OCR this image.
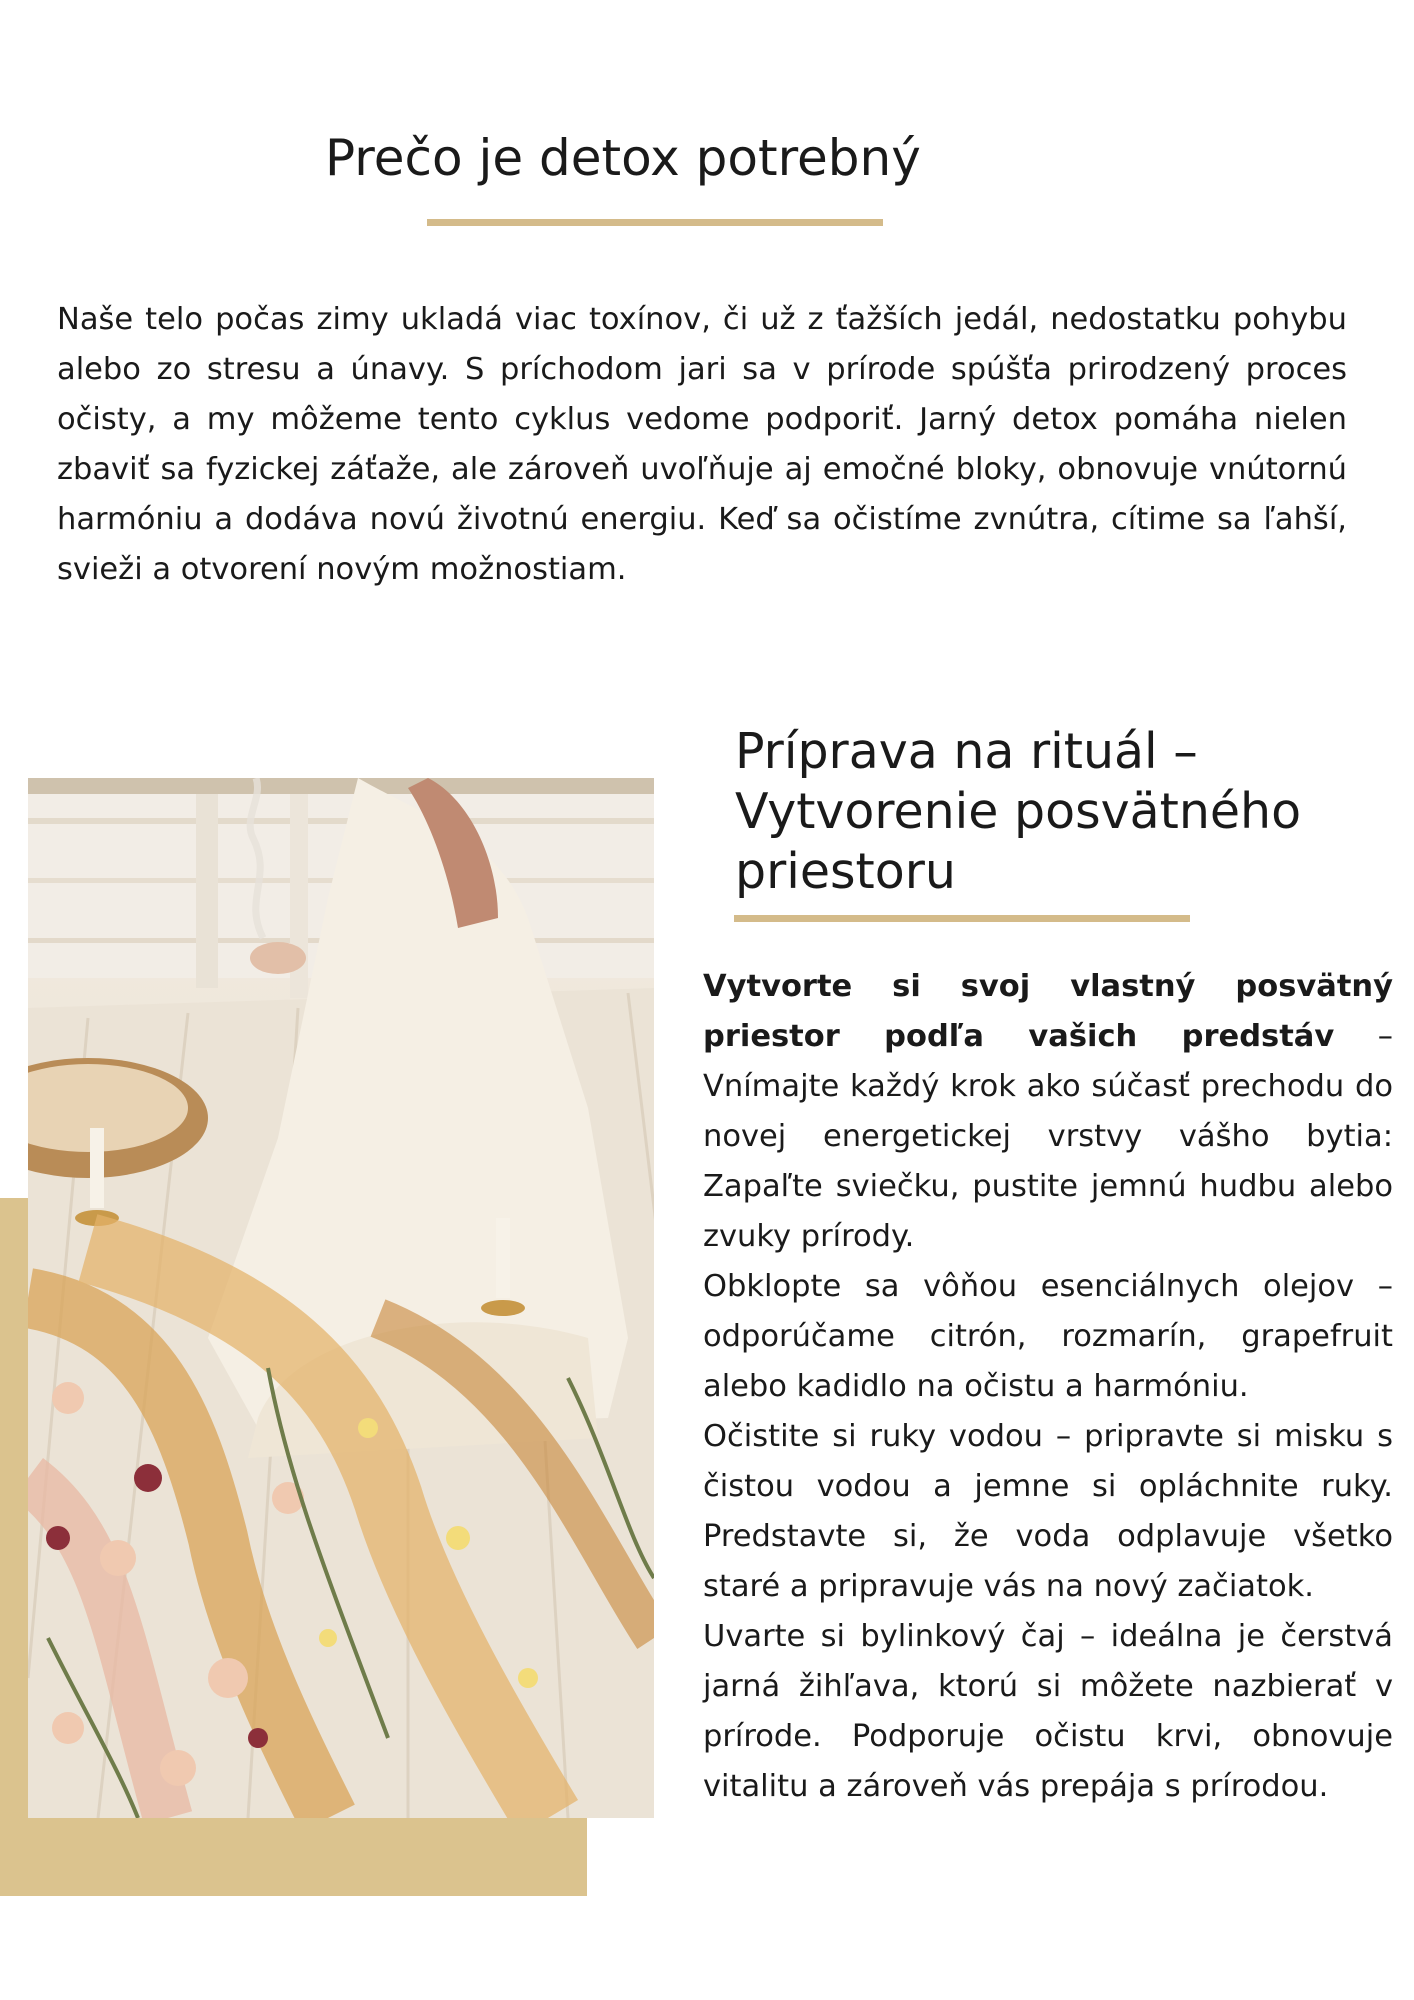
Prečo je detox potrebný

Naše telo počas zimy ukladá viac toxínov, či už z ťažších jedál, nedostatku pohybu alebo zo stresu a únavy. S príchodom jari sa v prírode spúšťa prirodzený proces očisty, a my môžeme tento cyklus vedome podporiť. Jarný detox pomáha nielen zbaviť sa fyzickej záťaže, ale zároveň uvoľňuje aj emočné bloky, obnovuje vnútornú harmóniu a dodáva novú životnú energiu. Keď sa očistíme zvnútra, cítime sa ľahší, svieži a otvorení novým možnostiam.

Príprava na rituál – Vytvorenie posvätného priestoru

Vytvorte si svoj vlastný posvätný priestor podľa vašich predstáv – Vnímajte každý krok ako súčasť prechodu do novej energetickej vrstvy vášho bytia: Zapaľte sviečku, pustite jemnú hudbu alebo zvuky prírody.

Obklopte sa vôňou esenciálnych olejov – odporúčame citrón, rozmarín, grapefruit alebo kadidlo na očistu a harmóniu.

Očistite si ruky vodou – pripravte si misku s čistou vodou a jemne si opláchnite ruky. Predstavte si, že voda odplavuje všetko staré a pripravuje vás na nový začiatok.

Uvarte si bylinkový čaj – ideálna je čerstvá jarná žihľava, ktorú si môžete nazbierať v prírode. Podporuje očistu krvi, obnovuje vitalitu a zároveň vás prepája s prírodou.
